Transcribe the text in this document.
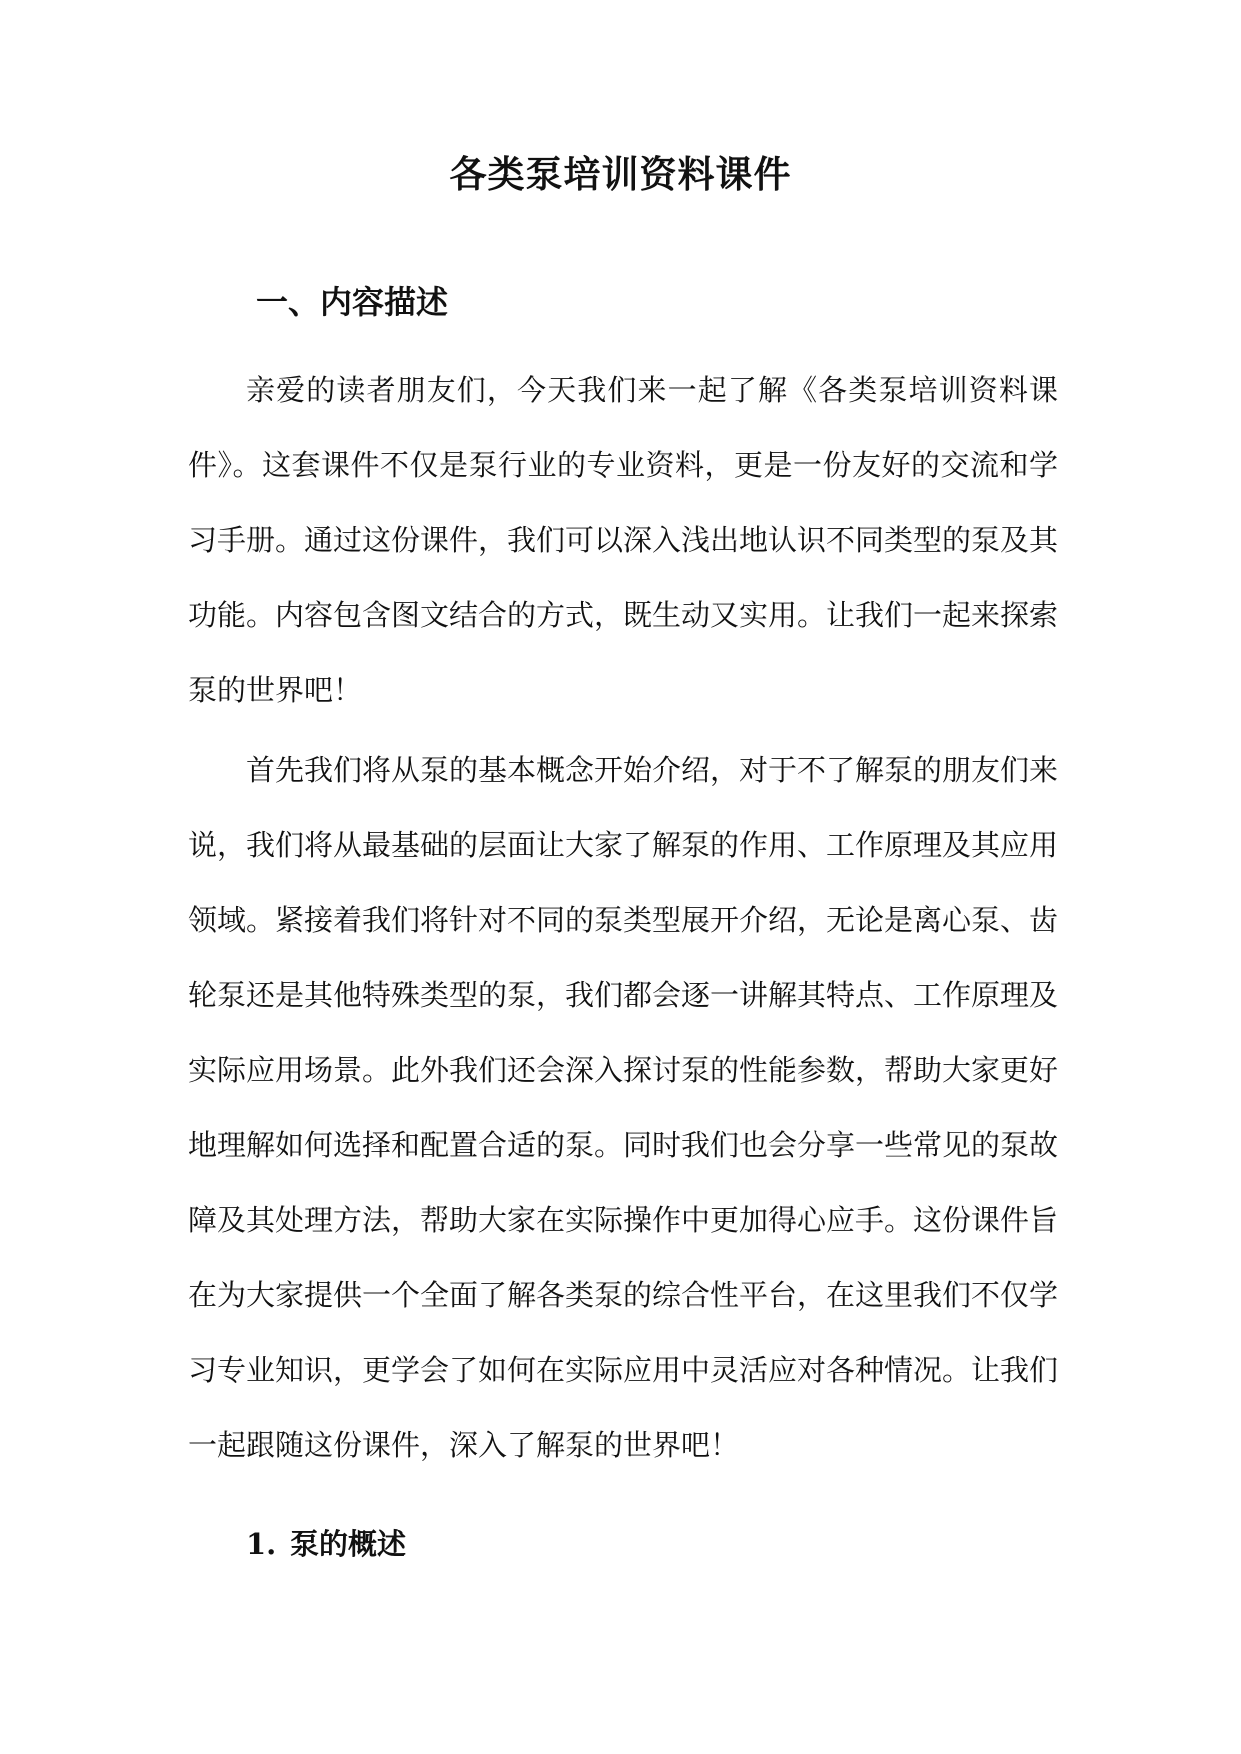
各类泵培训资料课件
一、内容描述
亲爱的读者朋友们，今天我们来一起了解《各类泵培训资料课
件》。这套课件不仅是泵行业的专业资料，更是一份友好的交流和学
习手册。通过这份课件，我们可以深入浅出地认识不同类型的泵及其
功能。内容包含图文结合的方式，既生动又实用。让我们一起来探索
泵的世界吧！
首先我们将从泵的基本概念开始介绍，对于不了解泵的朋友们来
说，我们将从最基础的层面让大家了解泵的作用、工作原理及其应用
领域。紧接着我们将针对不同的泵类型展开介绍，无论是离心泵、齿
轮泵还是其他特殊类型的泵，我们都会逐一讲解其特点、工作原理及
实际应用场景。此外我们还会深入探讨泵的性能参数，帮助大家更好
地理解如何选择和配置合适的泵。同时我们也会分享一些常见的泵故
障及其处理方法，帮助大家在实际操作中更加得心应手。这份课件旨
在为大家提供一个全面了解各类泵的综合性平台，在这里我们不仅学
习专业知识，更学会了如何在实际应用中灵活应对各种情况。让我们
一起跟随这份课件，深入了解泵的世界吧！
1. 泵的概述
